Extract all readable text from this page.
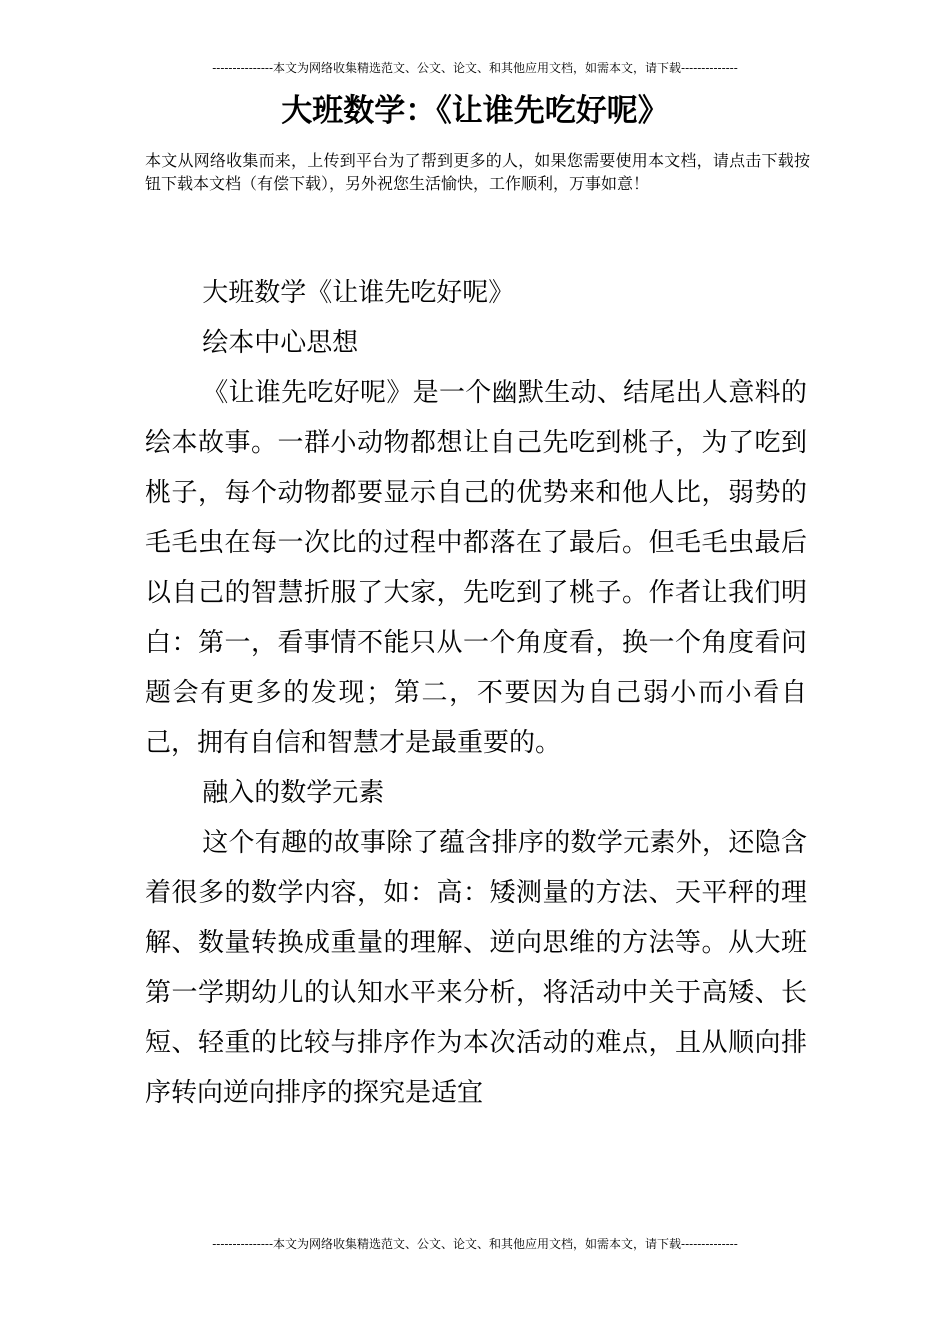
---------------本文为网络收集精选范文、公文、论文、和其他应用文档，如需本文，请下载--------------
大班数学：《让谁先吃好呢》
本文从网络收集而来，上传到平台为了帮到更多的人，如果您需要使用本文档，请点击下载按钮下载本文档（有偿下载），另外祝您生活愉快，工作顺利，万事如意！

大班数学《让谁先吃好呢》

绘本中心思想

《让谁先吃好呢》是一个幽默生动、结尾出人意料的绘本故事。一群小动物都想让自己先吃到桃子，为了吃到桃子，每个动物都要显示自己的优势来和他人比，弱势的毛毛虫在每一次比的过程中都落在了最后。但毛毛虫最后以自己的智慧折服了大家，先吃到了桃子。作者让我们明白：第一，看事情不能只从一个角度看，换一个角度看问题会有更多的发现；第二，不要因为自己弱小而小看自己，拥有自信和智慧才是最重要的。

融入的数学元素

这个有趣的故事除了蕴含排序的数学元素外，还隐含着很多的数学内容，如：高：矮测量的方法、天平秤的理解、数量转换成重量的理解、逆向思维的方法等。从大班第一学期幼儿的认知水平来分析，将活动中关于高矮、长短、轻重的比较与排序作为本次活动的难点，且从顺向排序转向逆向排序的探究是适宜

---------------本文为网络收集精选范文、公文、论文、和其他应用文档，如需本文，请下载--------------
